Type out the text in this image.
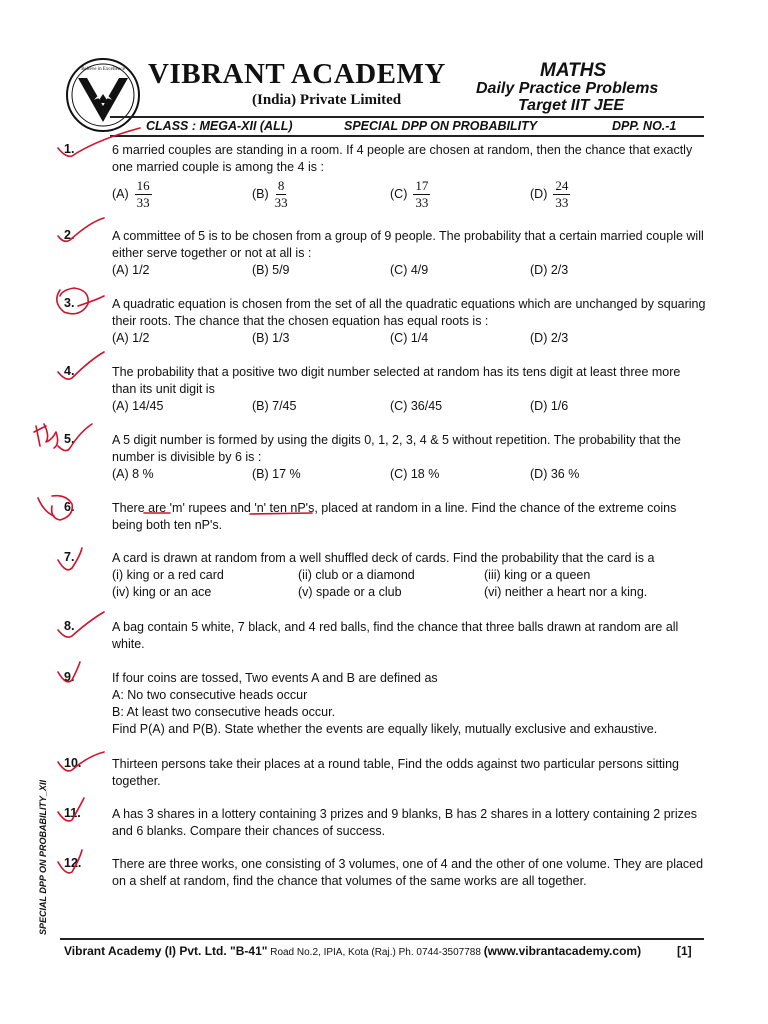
Believe in Excellence VIBRANT ACADEMY
(India) Private Limited
MATHS
Daily Practice Problems
Target IIT JEE
CLASS : MEGA-XII (ALL)	SPECIAL DPP ON PROBABILITY	DPP. NO.-1
1.	6 married couples are standing in a room. If 4 people are chosen at random, then the chance that exactly one married couple is among the 4 is :
$(A) \frac{16}{33}$	$(B) \frac{8}{33}$	$(C) \frac{17}{33}$	$(D) \frac{24}{33}$
2.	A committee of 5 is to be chosen from a group of 9 people. The probability that a certain married couple will either serve together or not at all is :
(A) 1/2	(B) 5/9	(C) 4/9	(D) 2/3
3.	A quadratic equation is chosen from the set of all the quadratic equations which are unchanged by squaring their roots. The chance that the chosen equation has equal roots is :
(A) 1/2	(B) 1/3	(C) 1/4	(D) 2/3
4.	The probability that a positive two digit number selected at random has its tens digit at least three more than its unit digit is
(A) 14/45	(B) 7/45	(C) 36/45	(D) 1/6
5.	A 5 digit number is formed by using the digits 0, 1, 2, 3, 4 & 5 without repetition. The probability that the number is divisible by 6 is :
(A) 8 %	(B) 17 %	(C) 18 %	(D) 36 %
6.	There are 'm' rupees and 'n' ten nP's, placed at random in a line. Find the chance of the extreme coins being both ten nP's.
7.	A card is drawn at random from a well shuffled deck of cards. Find the probability that the card is a
(i) king or a red card	(ii) club or a diamond	(iii) king or a queen
(iv) king or an ace	(v) spade or a club	(vi) neither a heart nor a king.
8.	A bag contain 5 white, 7 black, and 4 red balls, find the chance that three balls drawn at random are all white.
9.	If four coins are tossed, Two events A and B are defined as
A: No two consecutive heads occur
B: At least two consecutive heads occur.
Find P(A) and P(B). State whether the events are equally likely, mutually exclusive and exhaustive.
10. Thirteen persons take their places at a round table, Find the odds against two particular persons sitting together.
11.	A has 3 shares in a lottery containing 3 prizes and 9 blanks, B has 2 shares in a lottery containing 2 prizes and 6 blanks. Compare their chances of success.
12. There are three works, one consisting of 3 volumes, one of 4 and the other of one volume. They are placed on a shelf at random, find the chance that volumes of the same works are all together.
SPECIAL DPP ON PROBABILITY_XII
Vibrant Academy (I) Pvt. Ltd. "B-41" Road No.2, IPIA, Kota (Raj.) Ph. 0744-3507788 (www.vibrantacademy.com)	[1]
